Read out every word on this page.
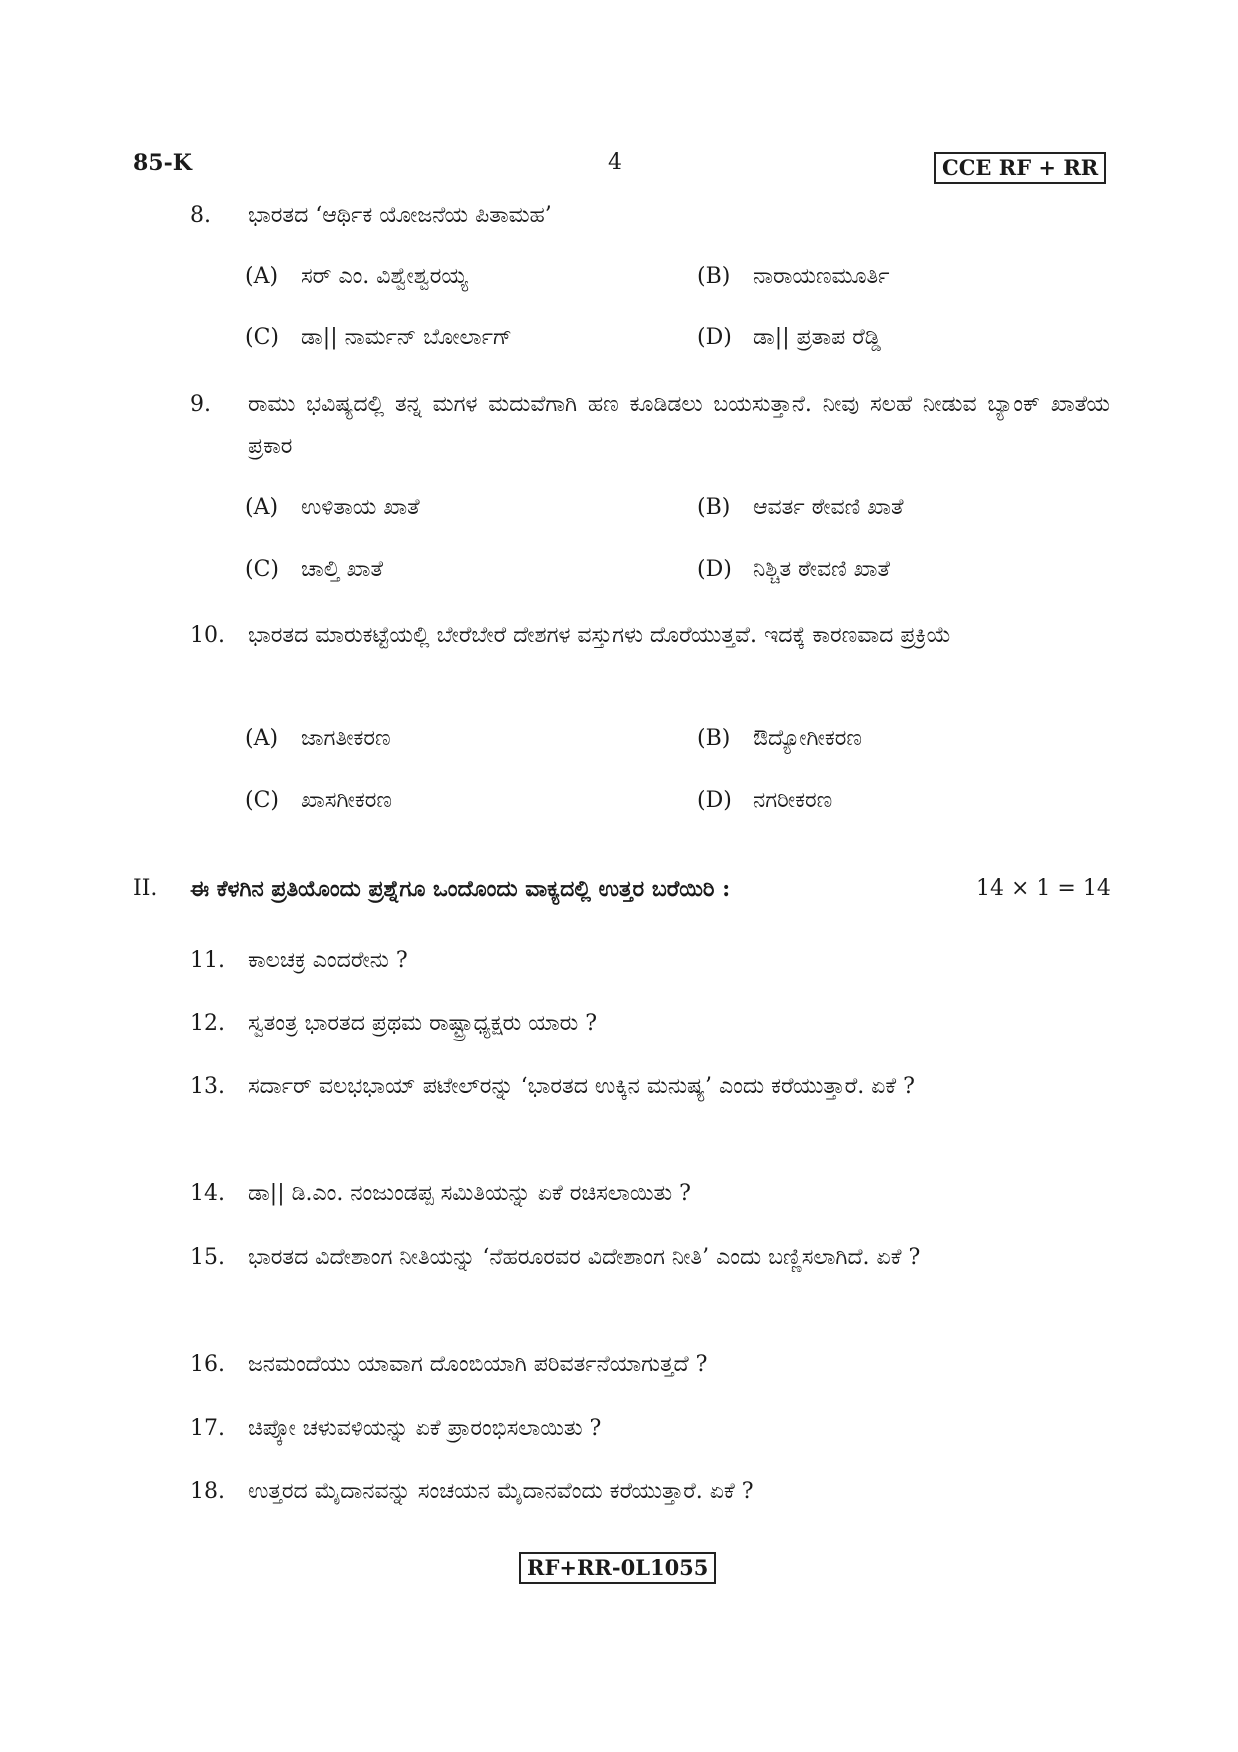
85-K	4	CCE RF + RR
8. ಭಾರತದ ‘ಆರ್ಥಿಕ ಯೋಜನೆಯ ಪಿತಾಮಹ’
(A) ಸರ್ ಎಂ. ವಿಶ್ವೇಶ್ವರಯ್ಯ	(B) ನಾರಾಯಣಮೂರ್ತಿ
(C) ಡಾ|| ನಾರ್ಮನ್ ಬೋರ್ಲಾಗ್	(D) ಡಾ|| ಪ್ರತಾಪ ರೆಡ್ಡಿ
9. ರಾಮು ಭವಿಷ್ಯದಲ್ಲಿ ತನ್ನ ಮಗಳ ಮದುವೆಗಾಗಿ ಹಣ ಕೂಡಿಡಲು ಬಯಸುತ್ತಾನೆ. ನೀವು ಸಲಹೆ ನೀಡುವ ಬ್ಯಾಂಕ್ ಖಾತೆಯ ಪ್ರಕಾರ
(A) ಉಳಿತಾಯ ಖಾತೆ	(B) ಆವರ್ತ ಠೇವಣಿ ಖಾತೆ
(C) ಚಾಲ್ತಿ ಖಾತೆ	(D) ನಿಶ್ಚಿತ ಠೇವಣಿ ಖಾತೆ
10. ಭಾರತದ ಮಾರುಕಟ್ಟೆಯಲ್ಲಿ ಬೇರೆಬೇರೆ ದೇಶಗಳ ವಸ್ತುಗಳು ದೊರೆಯುತ್ತವೆ. ಇದಕ್ಕೆ ಕಾರಣವಾದ ಪ್ರಕ್ರಿಯೆ
(A) ಜಾಗತೀಕರಣ	(B) ಔದ್ಯೋಗೀಕರಣ
(C) ಖಾಸಗೀಕರಣ	(D) ನಗರೀಕರಣ
II. ಈ ಕೆಳಗಿನ ಪ್ರತಿಯೊಂದು ಪ್ರಶ್ನೆಗೂ ಒಂದೊಂದು ವಾಕ್ಯದಲ್ಲಿ ಉತ್ತರ ಬರೆಯಿರಿ :	14 × 1 = 14
11. ಕಾಲಚಕ್ರ ಎಂದರೇನು ?
12. ಸ್ವತಂತ್ರ ಭಾರತದ ಪ್ರಥಮ ರಾಷ್ಟ್ರಾಧ್ಯಕ್ಷರು ಯಾರು ?
13. ಸರ್ದಾರ್ ವಲಭಭಾಯ್ ಪಟೇಲ್‌ರನ್ನು ‘ಭಾರತದ ಉಕ್ಕಿನ ಮನುಷ್ಯ’ ಎಂದು ಕರೆಯುತ್ತಾರೆ. ಏಕೆ ?
14. ಡಾ|| ಡಿ.ಎಂ. ನಂಜುಂಡಪ್ಪ ಸಮಿತಿಯನ್ನು ಏಕೆ ರಚಿಸಲಾಯಿತು ?
15. ಭಾರತದ ವಿದೇಶಾಂಗ ನೀತಿಯನ್ನು ‘ನೆಹರೂರವರ ವಿದೇಶಾಂಗ ನೀತಿ’ ಎಂದು ಬಣ್ಣಿಸಲಾಗಿದೆ. ಏಕೆ ?
16. ಜನಮಂದೆಯು ಯಾವಾಗ ದೊಂಬಿಯಾಗಿ ಪರಿವರ್ತನೆಯಾಗುತ್ತದೆ ?
17. ಚಿಪ್ಕೋ ಚಳುವಳಿಯನ್ನು ಏಕೆ ಪ್ರಾರಂಭಿಸಲಾಯಿತು ?
18. ಉತ್ತರದ ಮೈದಾನವನ್ನು ಸಂಚಯನ ಮೈದಾನವೆಂದು ಕರೆಯುತ್ತಾರೆ. ಏಕೆ ?
RF+RR-0L1055
